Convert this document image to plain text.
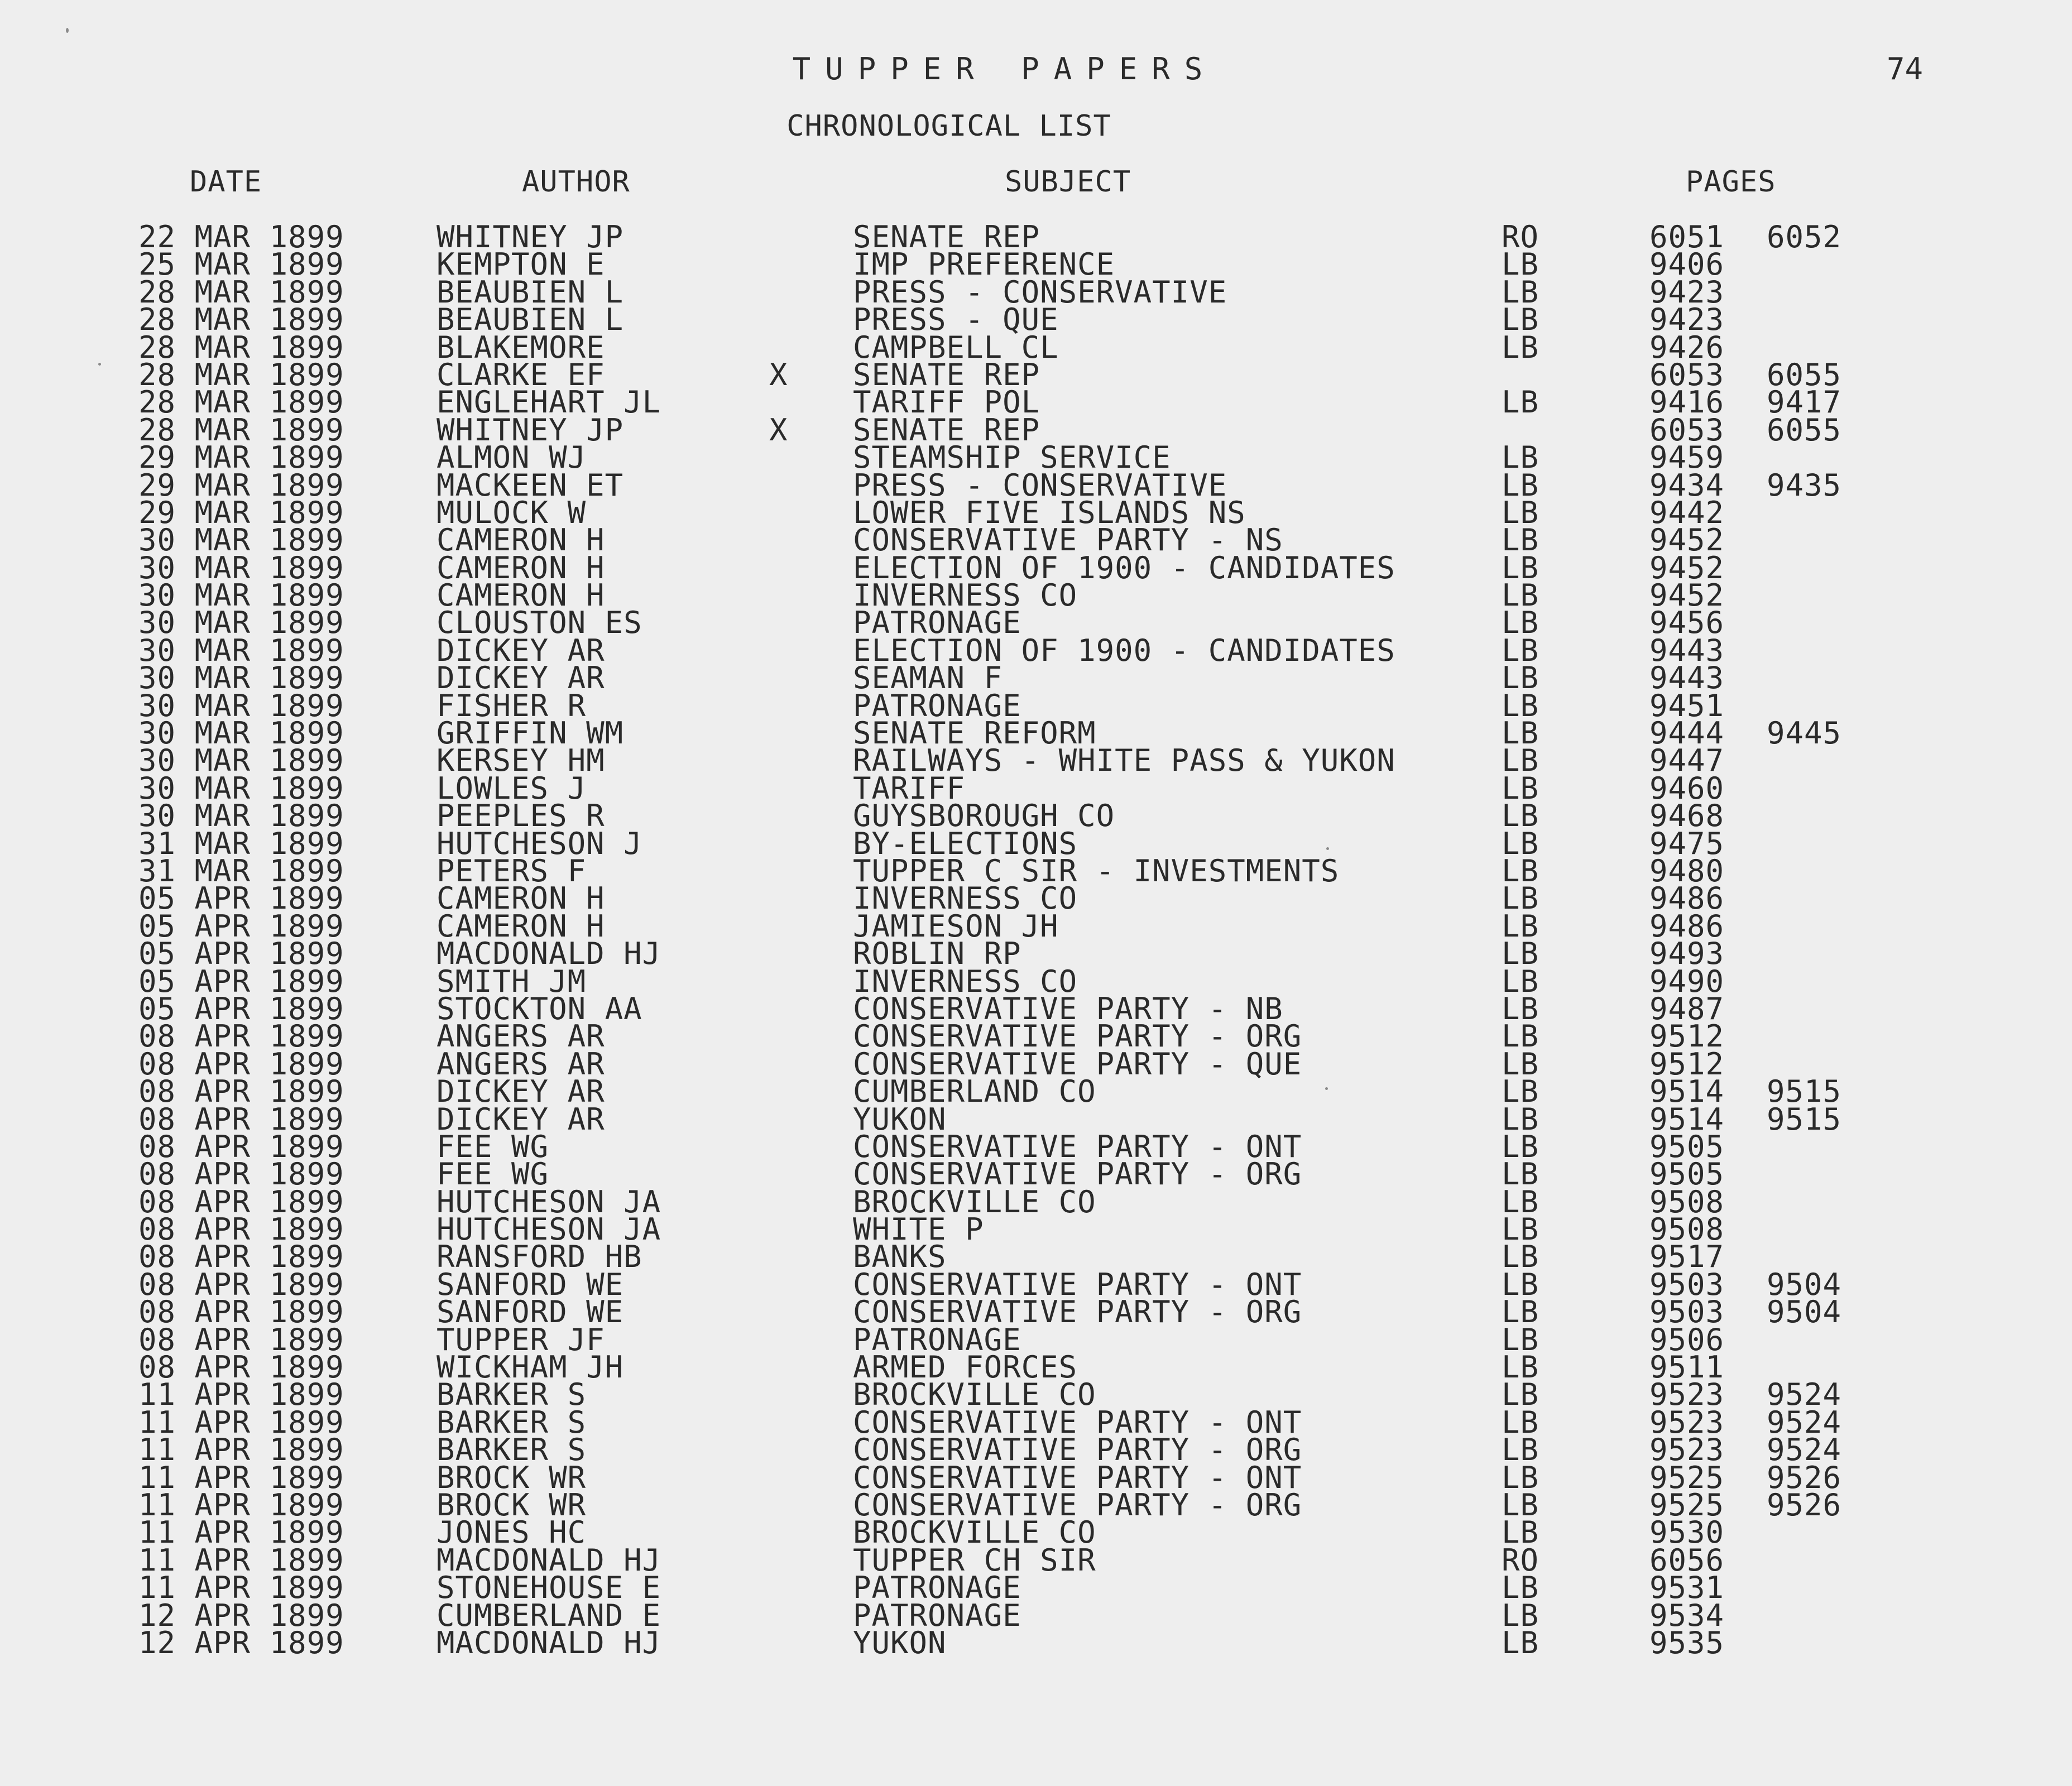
TUPPER PAPERS	74
CHRONOLOGICAL LIST
DATE	AUTHOR	SUBJECT	PAGES
22 MAR 1899	WHITNEY JP	SENATE REP	RO	6051 6052
25 MAR 1899	KEMPTON E	IMP PREFERENCE	LB	9406
28 MAR 1899	BEAUBIEN L	PRESS - CONSERVATIVE	LB	9423
28 MAR 1899	BEAUBIEN L	PRESS - QUE	LB	9423
28 MAR 1899	BLAKEMORE	CAMPBELL CL	LB	9426
28 MAR 1899	CLARKE EF	X SENATE REP	6053 6055
28 MAR 1899	ENGLEHART JL	TARIFF POL	LB	9416 9417
28 MAR 1899	WHITNEY JP	X SENATE REP	6053 6055
29 MAR 1899	ALMON WJ	STEAMSHIP SERVICE	LB	9459
29 MAR 1899	MACKEEN ET	PRESS - CONSERVATIVE	LB	9434 9435
29 MAR 1899	MULOCK W	LOWER FIVE ISLANDS NS	LB	9442
30 MAR 1899	CAMERON H	CONSERVATIVE PARTY - NS	LB	9452
30 MAR 1899	CAMERON H	ELECTION OF 1900 - CANDIDATES	LB	9452
30 MAR 1899	CAMERON H	INVERNESS CO	LB	9452
30 MAR 1899	CLOUSTON ES	PATRONAGE	LB	9456
30 MAR 1899	DICKEY AR	ELECTION OF 1900 - CANDIDATES	LB	9443
30 MAR 1899	DICKEY AR	SEAMAN F	LB	9443
30 MAR 1899	FISHER R	PATRONAGE	LB	9451
30 MAR 1899	GRIFFIN WM	SENATE REFORM	LB	9444 9445
30 MAR 1899	KERSEY HM	RAILWAYS - WHITE PASS & YUKON	LB	9447
30 MAR 1899	LOWLES J	TARIFF	LB	9460
30 MAR 1899	PEEPLES R	GUYSBOROUGH CO	LB	9468
31 MAR 1899	HUTCHESON J	BY-ELECTIONS	LB	9475
31 MAR 1899	PETERS F	TUPPER C SIR - INVESTMENTS	LB	9480
05 APR 1899	CAMERON H	INVERNESS CO	LB	9486
05 APR 1899	CAMERON H	JAMIESON JH	LB	9486
05 APR 1899	MACDONALD HJ	ROBLIN RP	LB	9493
05 APR 1899	SMITH JM	INVERNESS CO	LB	9490
05 APR 1899	STOCKTON AA	CONSERVATIVE PARTY - NB	LB	9487
08 APR 1899	ANGERS AR	CONSERVATIVE PARTY - ORG	LB	9512
08 APR 1899	ANGERS AR	CONSERVATIVE PARTY - QUE	LB	9512
08 APR 1899	DICKEY AR	CUMBERLAND CO	LB	9514 9515
08 APR 1899	DICKEY AR	YUKON	LB	9514 9515
08 APR 1899	FEE WG	CONSERVATIVE PARTY - ONT	LB	9505
08 APR 1899	FEE WG	CONSERVATIVE PARTY - ORG	LB	9505
08 APR 1899	HUTCHESON JA	BROCKVILLE CO	LB	9508
08 APR 1899	HUTCHESON JA	WHITE P	LB	9508
08 APR 1899	RANSFORD HB	BANKS	LB	9517
08 APR 1899	SANFORD WE	CONSERVATIVE PARTY - ONT	LB	9503 9504
08 APR 1899	SANFORD WE	CONSERVATIVE PARTY - ORG	LB	9503 9504
08 APR 1899	TUPPER JF	PATRONAGE	LB	9506
08 APR 1899	WICKHAM JH	ARMED FORCES	LB	9511
11 APR 1899	BARKER S	BROCKVILLE CO	LB	9523 9524
11 APR 1899	BARKER S	CONSERVATIVE PARTY - ONT	LB	9523 9524
11 APR 1899	BARKER S	CONSERVATIVE PARTY - ORG	LB	9523 9524
11 APR 1899	BROCK WR	CONSERVATIVE PARTY - ONT	LB	9525 9526
11 APR 1899	BROCK WR	CONSERVATIVE PARTY - ORG	LB	9525 9526
11 APR 1899	JONES HC	BROCKVILLE CO	LB	9530
11 APR 1899	MACDONALD HJ	TUPPER CH SIR	RO	6056
11 APR 1899	STONEHOUSE E	PATRONAGE	LB	9531
12 APR 1899	CUMBERLAND E	PATRONAGE	LB	9534
12 APR 1899	MACDONALD HJ	YUKON	LB	9535
